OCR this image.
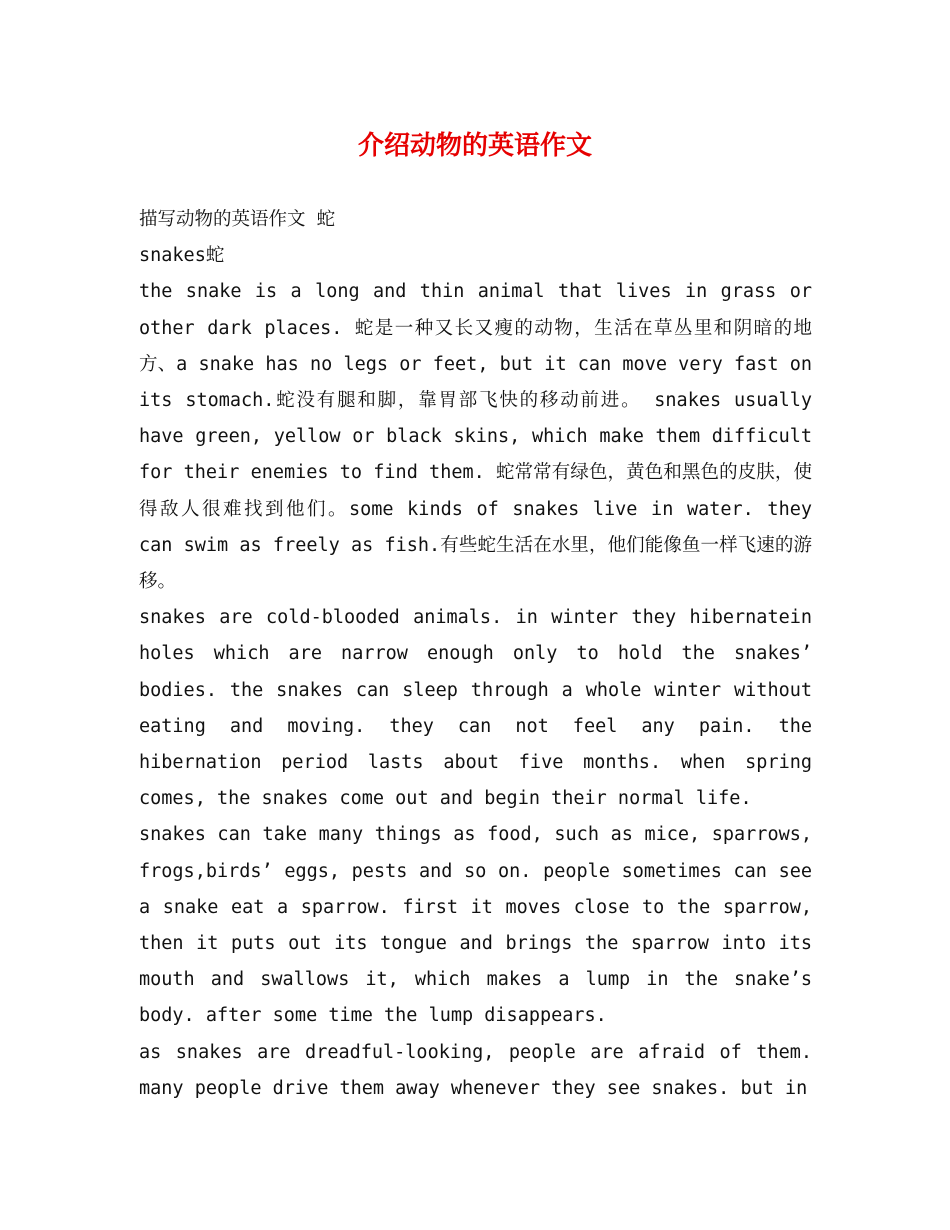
介绍动物的英语作文

描写动物的英语作文 蛇

snakes蛇

the snake is a long and thin animal that lives in grass or other dark places. 蛇是一种又长又瘦的动物，生活在草丛里和阴暗的地方、a snake has no legs or feet, but it can move very fast on its stomach.蛇没有腿和脚，靠胃部飞快的移动前进。 snakes usually have green, yellow or black skins, which make them difficult for their enemies to find them. 蛇常常有绿色，黄色和黑色的皮肤，使得敌人很难找到他们。some kinds of snakes live in water. they can swim as freely as fish.有些蛇生活在水里，他们能像鱼一样飞速的游移。

snakes are cold-blooded animals. in winter they hibernatein holes which are narrow enough only to hold the snakes’ bodies. the snakes can sleep through a whole winter without eating and moving. they can not feel any pain. the hibernation period lasts about five months. when spring comes, the snakes come out and begin their normal life.

snakes can take many things as food, such as mice, sparrows, frogs,birds’ eggs, pests and so on. people sometimes can see a snake eat a sparrow. first it moves close to the sparrow, then it puts out its tongue and brings the sparrow into its mouth and swallows it, which makes a lump in the snake’s body. after some time the lump disappears.

as snakes are dreadful-looking, people are afraid of them. many people drive them away whenever they see snakes. but in
